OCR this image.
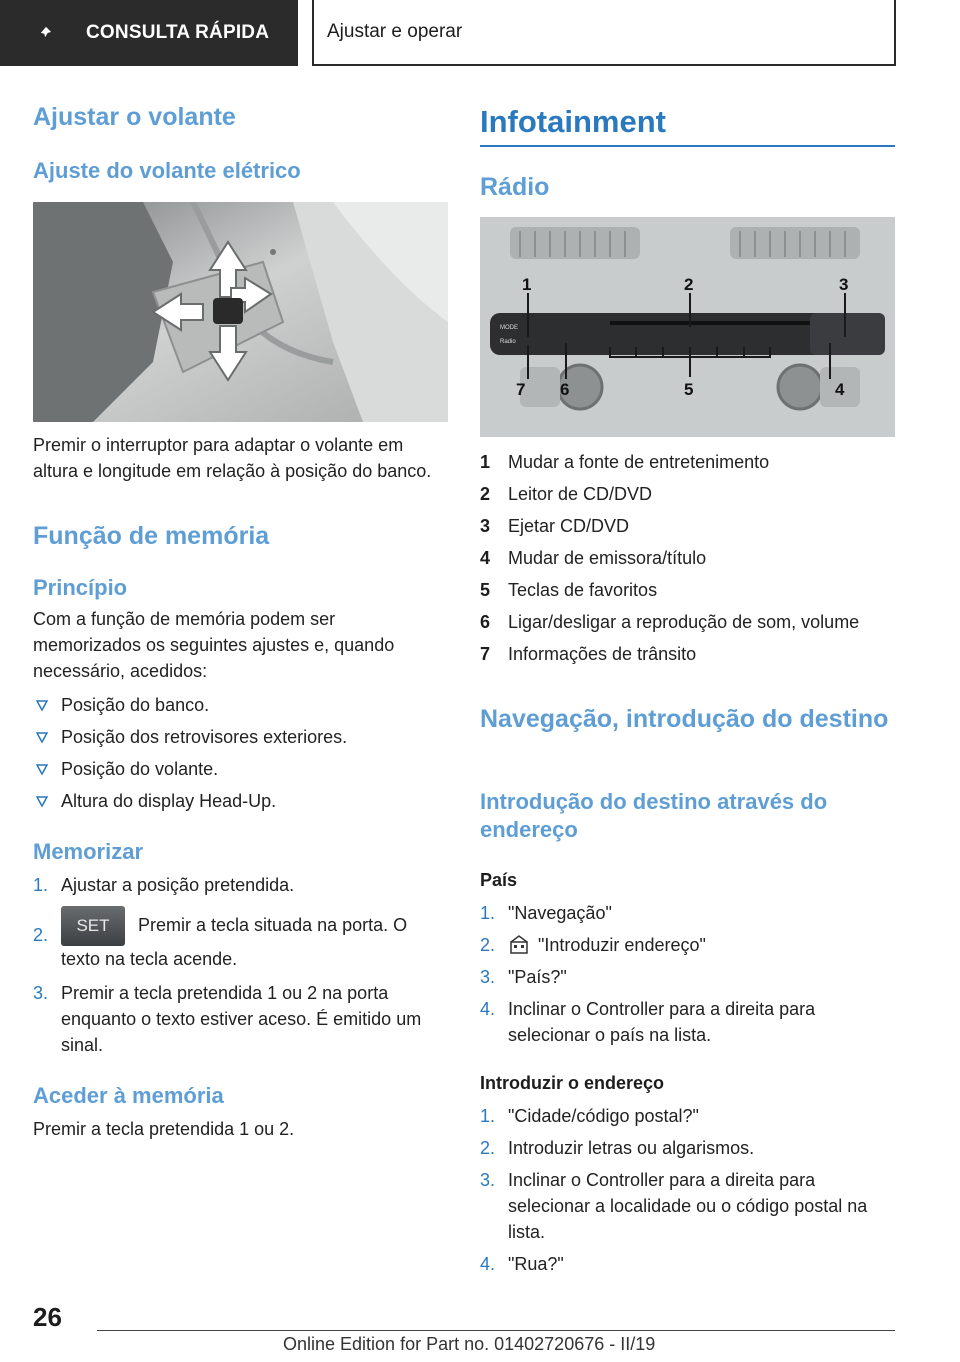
CONSULTA RÁPIDA	Ajustar e operar
Ajustar o volante
Ajuste do volante elétrico

Premir o interruptor para adaptar o volante em altura e longitude em relação à posição do banco.

Função de memória
Princípio

Com a função de memória podem ser memorizados os seguintes ajustes e, quando necessário, acedidos:

Posição do banco.
Posição dos retrovisores exteriores.
Posição do volante.
Altura do display Head-Up.
Memorizar
1. Ajustar a posição pretendida.
2. SET Premir a tecla situada na porta. O texto na tecla acende.
3. Premir a tecla pretendida 1 ou 2 na porta enquanto o texto estiver aceso. É emitido um sinal.
Aceder à memória

Premir a tecla pretendida 1 ou 2.

Infotainment
Rádio
1	2	3
4
5
6
7
MODE
Radio
1 Mudar a fonte de entretenimento
2 Leitor de CD/DVD
3 Ejetar CD/DVD
4 Mudar de emissora/título
5 Teclas de favoritos
6 Ligar/desligar a reprodução de som, volume
7 Informações de trânsito
Navegação, introdução do destino
Introdução do destino através do endereço
País
1. "Navegação"
2. "Introduzir endereço"
3. "País?"
4. Inclinar o Controller para a direita para selecionar o país na lista.
Introduzir o endereço
1. "Cidade/código postal?"
2. Introduzir letras ou algarismos.
3. Inclinar o Controller para a direita para selecionar a localidade ou o código postal na lista.
4. "Rua?"
26
Online Edition for Part no. 01402720676 - II/19
